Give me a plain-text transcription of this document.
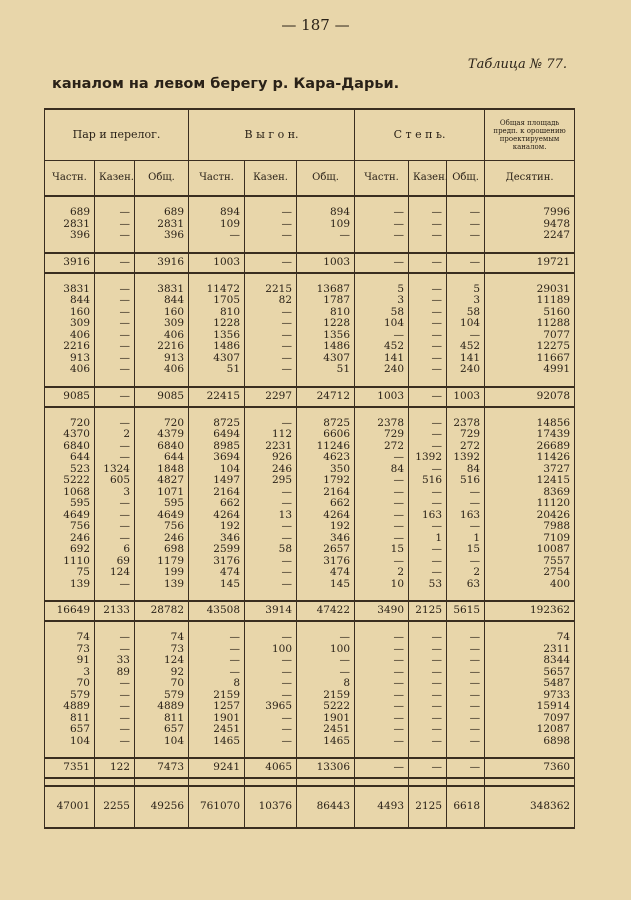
— 187 —
Таблица № 77.
каналом на левом берегу р. Кара-Дарьи.
Пар и перелог.			В ы г о н.			С т е п ь.			Общая площадь предп. к орошению проектируемым каналом.
Частн.	Казен.	Общ.	Частн.	Казен.	Общ.	Частн.	Казен.	Общ.	Десятин.

689	—	689	894	—	894	—	—	—	7996
2831	—	2831	109	—	109	—	—	—	9478
396	—	396	—	—	—	—	—	—	2247

3916	—	3916	1003	—	1003	—	—	—	19721

3831	—	3831	11472	2215	13687	5	—	5	29031
844	—	844	1705	82	1787	3	—	3	11189
160	—	160	810	—	810	58	—	58	5160
309	—	309	1228	—	1228	104	—	104	11288
406	—	406	1356	—	1356	—	—	—	7077
2216	—	2216	1486	—	1486	452	—	452	12275
913	—	913	4307	—	4307	141	—	141	11667
406	—	406	51	—	51	240	—	240	4991

9085	—	9085	22415	2297	24712	1003	—	1003	92078

720	—	720	8725	—	8725	2378	—	2378	14856
4370	2	4379	6494	112	6606	729	—	729	17439
6840	—	6840	8985	2231	11246	272	—	272	26689
644	—	644	3694	926	4623	—	1392	1392	11426
523	1324	1848	104	246	350	84	—	84	3727
5222	605	4827	1497	295	1792	—	516	516	12415
1068	3	1071	2164	—	2164	—	—	—	8369
595	—	595	662	—	662	—	—	—	11120
4649	—	4649	4264	13	4264	—	163	163	20426
756	—	756	192	—	192	—	—	—	7988
246	—	246	346	—	346	—	1	1	7109
692	6	698	2599	58	2657	15	—	15	10087
1110	69	1179	3176	—	3176	—	—	—	7557
75	124	199	474	—	474	2	—	2	2754
139	—	139	145	—	145	10	53	63	400

16649	2133	28782	43508	3914	47422	3490	2125	5615	192362

74	—	74	—	—	—	—	—	—	74
73	—	73	—	100	100	—	—	—	2311
91	33	124	—	—	—	—	—	—	8344
3	89	92	—	—	—	—	—	—	5657
70	—	70	8	—	8	—	—	—	5487
579	—	579	2159	—	2159	—	—	—	9733
4889	—	4889	1257	3965	5222	—	—	—	15914
811	—	811	1901	—	1901	—	—	—	7097
657	—	657	2451	—	2451	—	—	—	12087
104	—	104	1465	—	1465	—	—	—	6898

7351	122	7473	9241	4065	13306	—	—	—	7360

47001	2255	49256	761070	10376	86443	4493	2125	6618	348362
